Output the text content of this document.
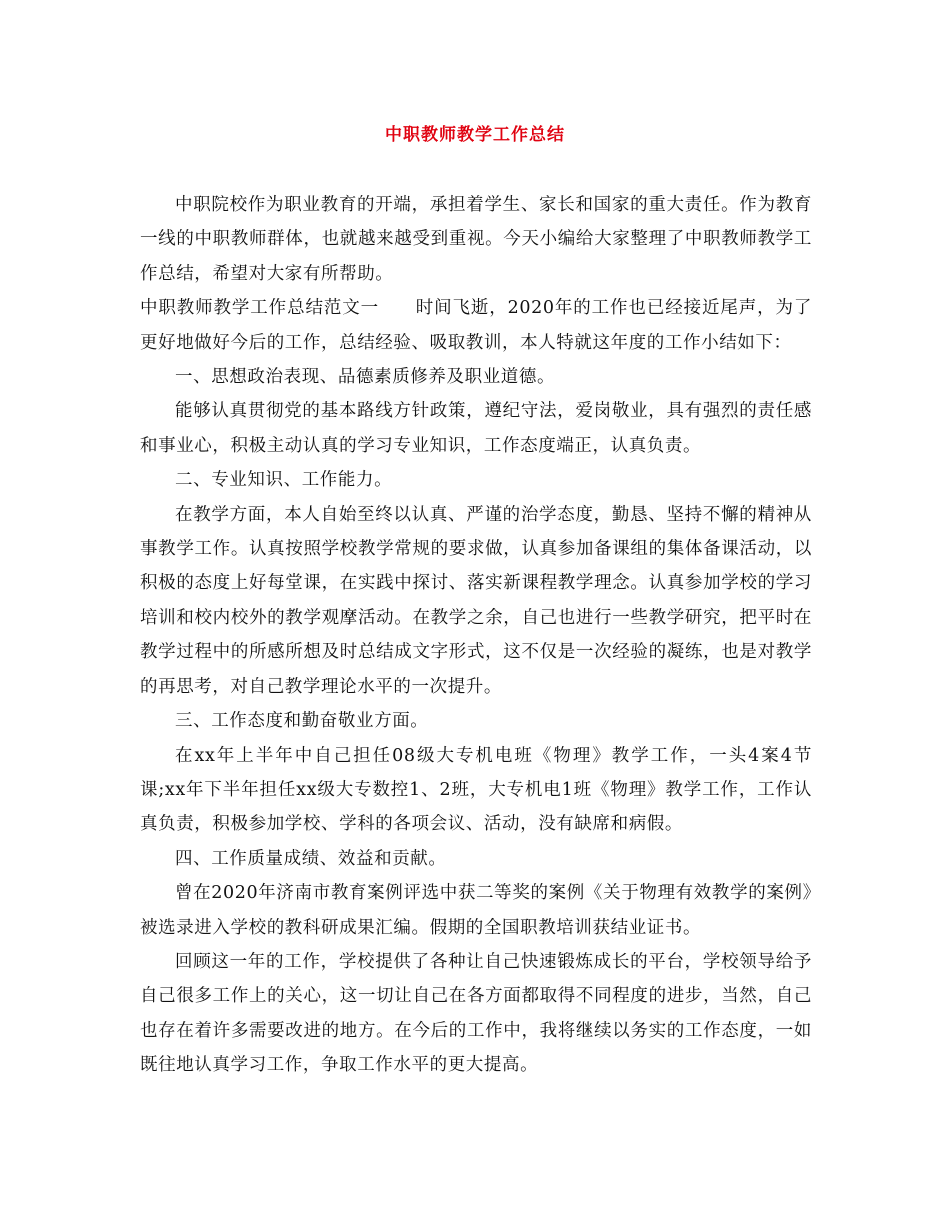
中职教师教学工作总结

中职院校作为职业教育的开端，承担着学生、家长和国家的重大责任。作为教育一线的中职教师群体，也就越来越受到重视。今天小编给大家整理了中职教师教学工作总结，希望对大家有所帮助。

中职教师教学工作总结范文一　　时间飞逝，2020年的工作也已经接近尾声，为了更好地做好今后的工作，总结经验、吸取教训，本人特就这年度的工作小结如下：

一、思想政治表现、品德素质修养及职业道德。

能够认真贯彻党的基本路线方针政策，遵纪守法，爱岗敬业，具有强烈的责任感和事业心，积极主动认真的学习专业知识，工作态度端正，认真负责。

二、专业知识、工作能力。

在教学方面，本人自始至终以认真、严谨的治学态度，勤恳、坚持不懈的精神从事教学工作。认真按照学校教学常规的要求做，认真参加备课组的集体备课活动，以积极的态度上好每堂课，在实践中探讨、落实新课程教学理念。认真参加学校的学习培训和校内校外的教学观摩活动。在教学之余，自己也进行一些教学研究，把平时在教学过程中的所感所想及时总结成文字形式，这不仅是一次经验的凝练，也是对教学的再思考，对自己教学理论水平的一次提升。

三、工作态度和勤奋敬业方面。

在xx年上半年中自己担任08级大专机电班《物理》教学工作，一头4案4节课;xx年下半年担任xx级大专数控1、2班，大专机电1班《物理》教学工作，工作认真负责，积极参加学校、学科的各项会议、活动，没有缺席和病假。

四、工作质量成绩、效益和贡献。

曾在2020年济南市教育案例评选中获二等奖的案例《关于物理有效教学的案例》被选录进入学校的教科研成果汇编。假期的全国职教培训获结业证书。

回顾这一年的工作，学校提供了各种让自己快速锻炼成长的平台，学校领导给予自己很多工作上的关心，这一切让自己在各方面都取得不同程度的进步，当然，自己也存在着许多需要改进的地方。在今后的工作中，我将继续以务实的工作态度，一如既往地认真学习工作，争取工作水平的更大提高。
